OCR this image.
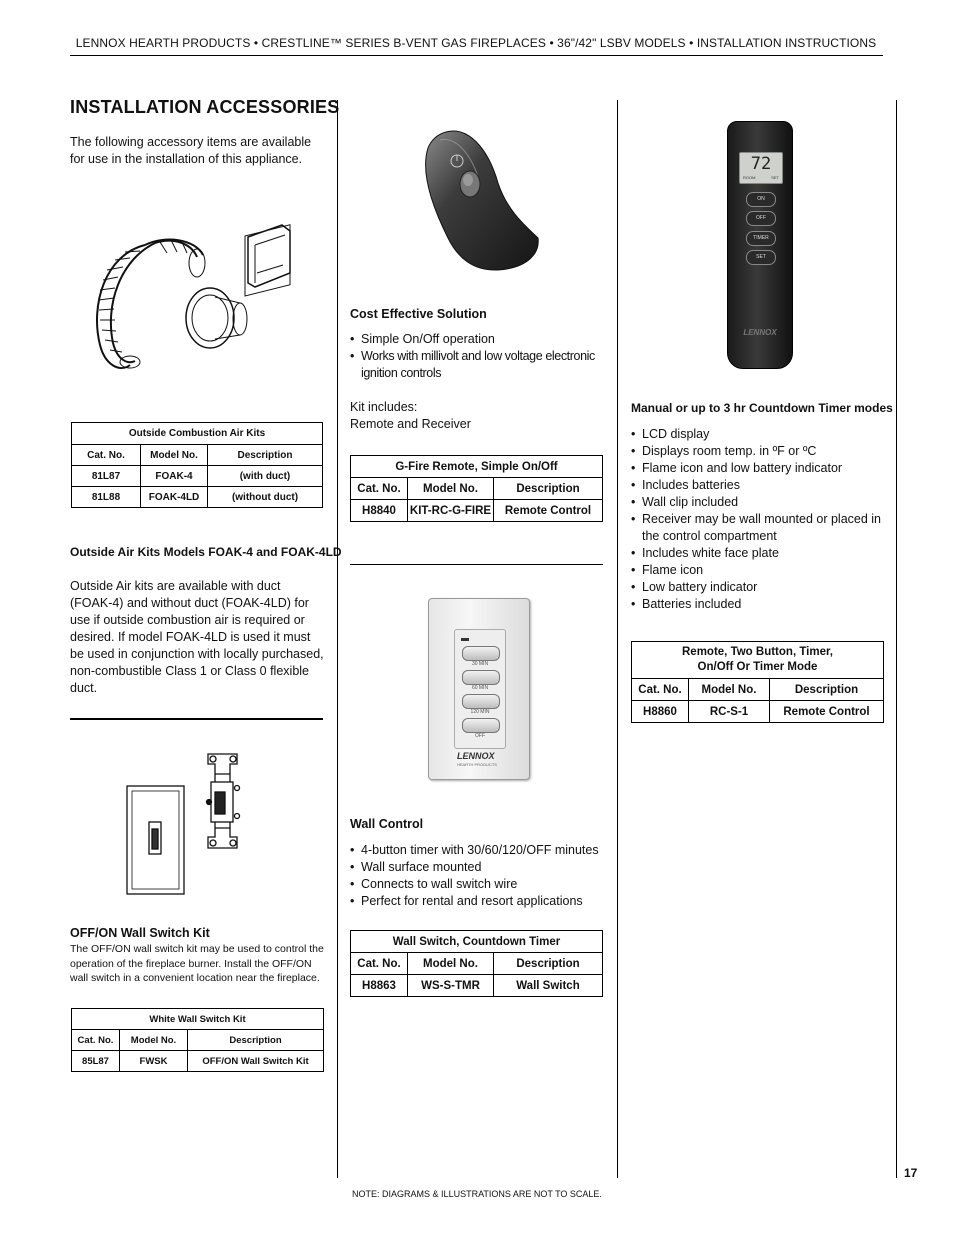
LENNOX HEARTH PRODUCTS • CRESTLINE™ SERIES B-VENT GAS FIREPLACES • 36"/42" LSBV MODELS • INSTALLATION INSTRUCTIONS
INSTALLATION ACCESSORIES
The following accessory items are available for use in the installation of this appliance.
Outside Combustion Air Kits		
Cat. No.	Model No.	Description
81L87	FOAK-4	(with duct)
81L88	FOAK-4LD	(without duct)
Outside Air Kits Models FOAK-4 and FOAK-4LD
Outside Air kits are available with duct (FOAK-4) and without duct (FOAK-4LD) for use if outside combustion air is required or desired. If model FOAK-4LD is used it must be used in conjunction with locally purchased, non-combustible Class 1 or Class 0 flexible duct.
OFF/ON Wall Switch Kit
The OFF/ON wall switch kit may be used to control the operation of the fireplace burner. Install the OFF/ON wall switch in a convenient location near the fireplace.
White Wall Switch Kit		
Cat. No.	Model No.	Description
85L87	FWSK	OFF/ON Wall Switch Kit
Cost Effective Solution
• Simple On/Off operation
• Works with millivolt and low voltage electronic ignition controls
Kit includes:
Remote and Receiver
G-Fire Remote, Simple On/Off		
Cat. No.	Model No.	Description
H8840	KIT-RC-G-FIRE	Remote Control
30 MIN
60 MIN
120 MIN
OFF
LENNOX
HEARTH PRODUCTS
Wall Control
• 4-button timer with 30/60/120/OFF minutes
• Wall surface mounted
• Connects to wall switch wire
• Perfect for rental and resort applications
Wall Switch, Countdown Timer		
Cat. No.	Model No.	Description
H8863	WS-S-TMR	Wall Switch
72
ROOM	SET
ON
OFF
TIMER
SET
LENNOX
Manual or up to 3 hr Countdown Timer modes
• LCD display
• Displays room temp. in ºF or ºC
• Flame icon and low battery indicator
• Includes batteries
• Wall clip included
• Receiver may be wall mounted or placed in the control compartment
• Includes white face plate
• Flame icon
• Low battery indicator
• Batteries included
Remote, Two Button, Timer,
On/Off Or Timer Mode		

Cat. No.	Model No.	Description
H8860	RC-S-1	Remote Control
17
NOTE: DIAGRAMS & ILLUSTRATIONS ARE NOT TO SCALE.
